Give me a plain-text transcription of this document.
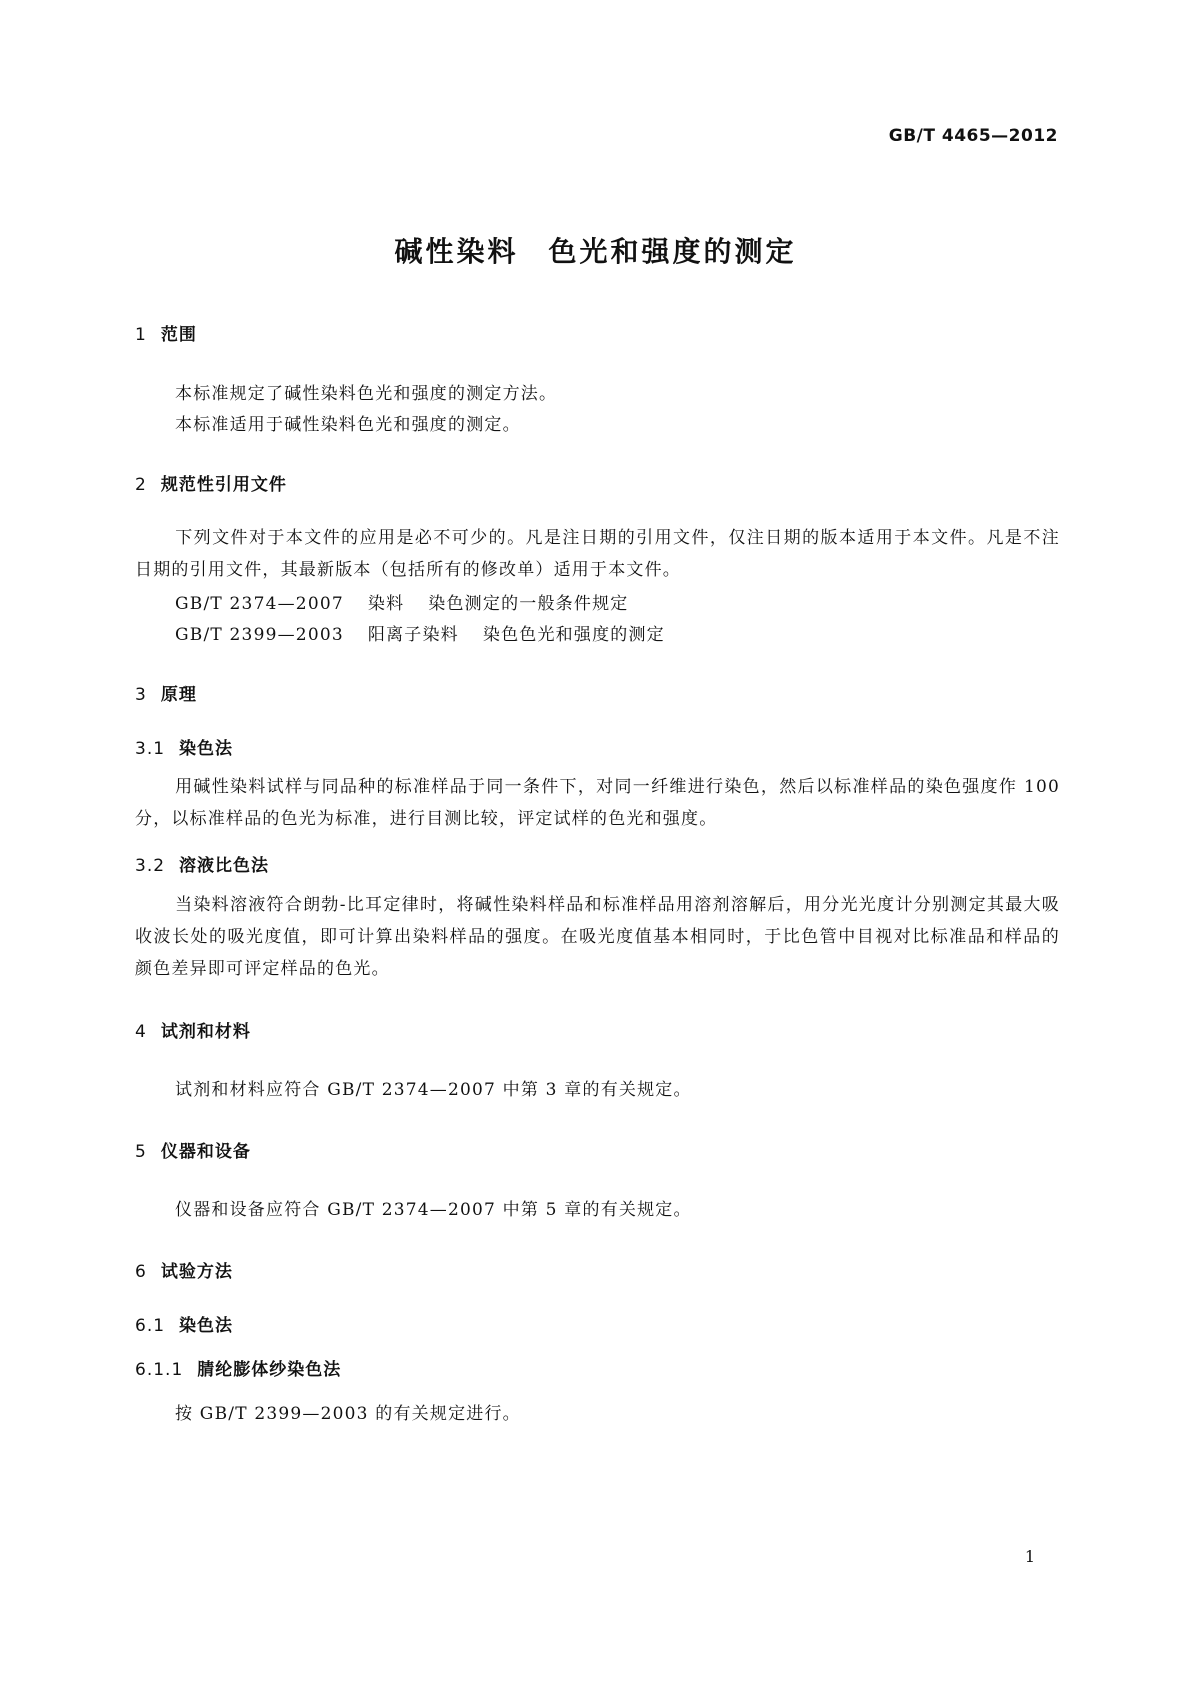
GB/T 4465—2012
碱性染料 色光和强度的测定
1 范围
本标准规定了碱性染料色光和强度的测定方法。
本标准适用于碱性染料色光和强度的测定。
2 规范性引用文件
下列文件对于本文件的应用是必不可少的。凡是注日期的引用文件，仅注日期的版本适用于本文件。凡是不注日期的引用文件，其最新版本（包括所有的修改单）适用于本文件。
GB/T 2374—2007 染料 染色测定的一般条件规定
GB/T 2399—2003 阳离子染料 染色色光和强度的测定
3 原理
3.1 染色法
用碱性染料试样与同品种的标准样品于同一条件下，对同一纤维进行染色，然后以标准样品的染色强度作 100 分，以标准样品的色光为标准，进行目测比较，评定试样的色光和强度。
3.2 溶液比色法
当染料溶液符合朗勃-比耳定律时，将碱性染料样品和标准样品用溶剂溶解后，用分光光度计分别测定其最大吸收波长处的吸光度值，即可计算出染料样品的强度。在吸光度值基本相同时，于比色管中目视对比标准品和样品的颜色差异即可评定样品的色光。
4 试剂和材料
试剂和材料应符合 GB/T 2374—2007 中第 3 章的有关规定。
5 仪器和设备
仪器和设备应符合 GB/T 2374—2007 中第 5 章的有关规定。
6 试验方法
6.1 染色法
6.1.1 腈纶膨体纱染色法
按 GB/T 2399—2003 的有关规定进行。
1
